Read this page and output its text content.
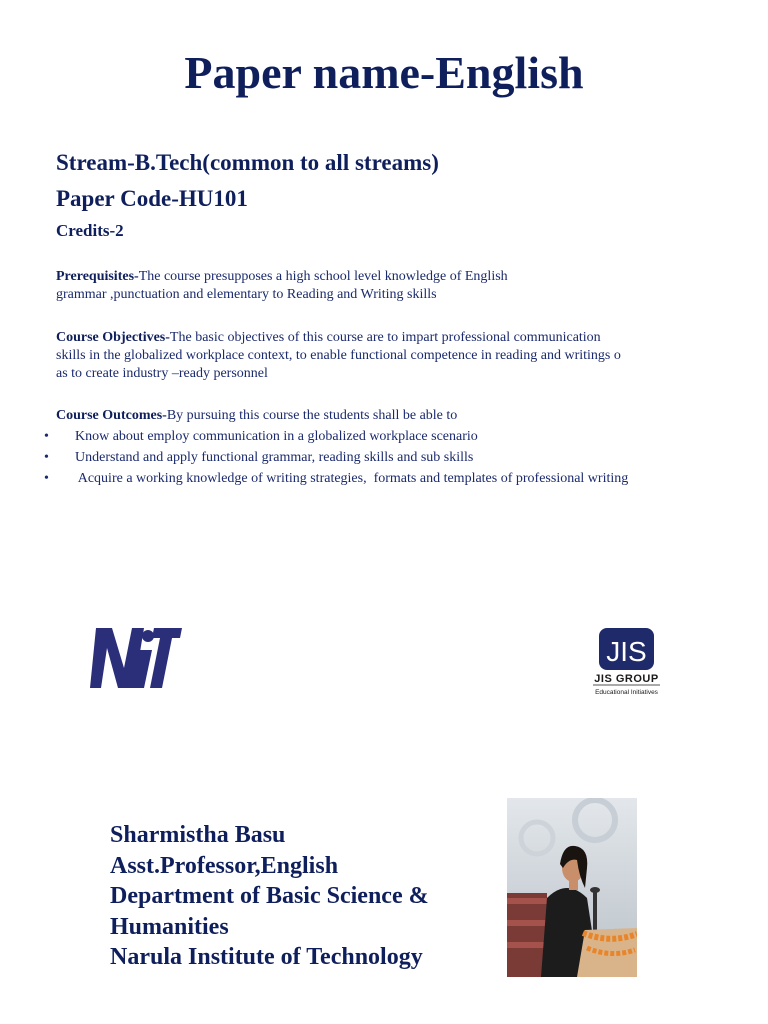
Paper name-English
Stream-B.Tech(common to all streams)
Paper Code-HU101
Credits-2
Prerequisites-The course presupposes a high school level knowledge of English
grammar ,punctuation and elementary to Reading and Writing skills
Course Objectives-The basic objectives of this course are to impart professional communication
skills in the globalized workplace context, to enable functional competence in reading and writings o
as to create industry –ready personnel
Course Outcomes-By pursuing this course the students shall be able to
• Know about employ communication in a globalized workplace scenario
• Understand and apply functional grammar, reading skills and sub skills
• Acquire a working knowledge of writing strategies,  formats and templates of professional writing
JIS
JIS GROUP
Educational Initiatives
Sharmistha Basu
Asst.Professor,English
Department of Basic Science &
Humanities
Narula Institute of Technology
